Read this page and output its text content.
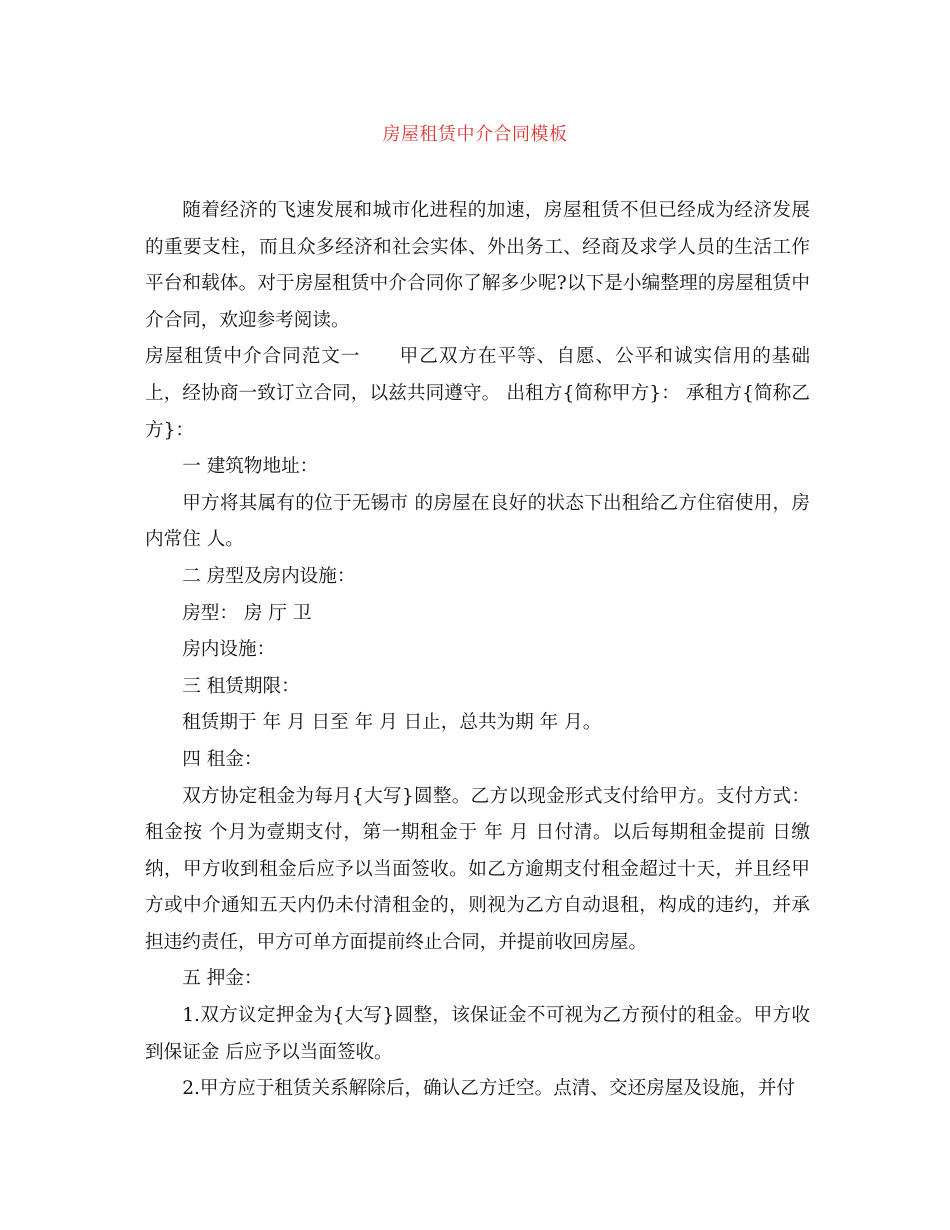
房屋租赁中介合同模板

随着经济的飞速发展和城市化进程的加速，房屋租赁不但已经成为经济发展的重要支柱，而且众多经济和社会实体、外出务工、经商及求学人员的生活工作平台和载体。对于房屋租赁中介合同你了解多少呢?以下是小编整理的房屋租赁中介合同，欢迎参考阅读。

房屋租赁中介合同范文一　　甲乙双方在平等、自愿、公平和诚实信用的基础上，经协商一致订立合同，以兹共同遵守。 出租方{简称甲方}： 承租方{简称乙方}：

一 建筑物地址：

甲方将其属有的位于无锡市 的房屋在良好的状态下出租给乙方住宿使用，房内常住 人。

二 房型及房内设施：

房型： 房 厅 卫

房内设施：

三 租赁期限：

租赁期于 年 月 日至 年 月 日止，总共为期 年 月。

四 租金：

双方协定租金为每月{大写}圆整。乙方以现金形式支付给甲方。支付方式：租金按 个月为壹期支付，第一期租金于 年 月 日付清。以后每期租金提前 日缴纳，甲方收到租金后应予以当面签收。如乙方逾期支付租金超过十天，并且经甲方或中介通知五天内仍未付清租金的，则视为乙方自动退租，构成的违约，并承担违约责任，甲方可单方面提前终止合同，并提前收回房屋。

五 押金：

1.双方议定押金为{大写}圆整，该保证金不可视为乙方预付的租金。甲方收到保证金 后应予以当面签收。

2.甲方应于租赁关系解除后，确认乙方迁空。点清、交还房屋及设施，并付
